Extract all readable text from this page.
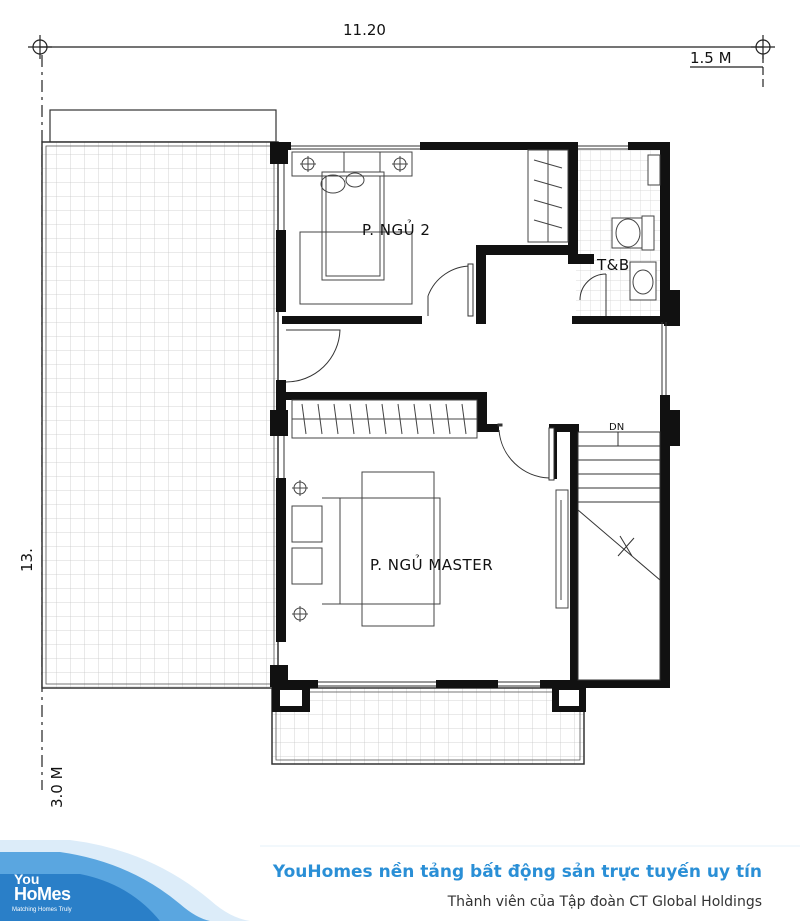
11.20
1.5 M
13.
3.0 M
P. NGỦ 2
T&B
P. NGỦ MASTER
DN
You
HoMes
Matching Homes Truly
YouHomes nền tảng bất động sản trực tuyến uy tín
Thành viên của Tập đoàn CT Global Holdings
